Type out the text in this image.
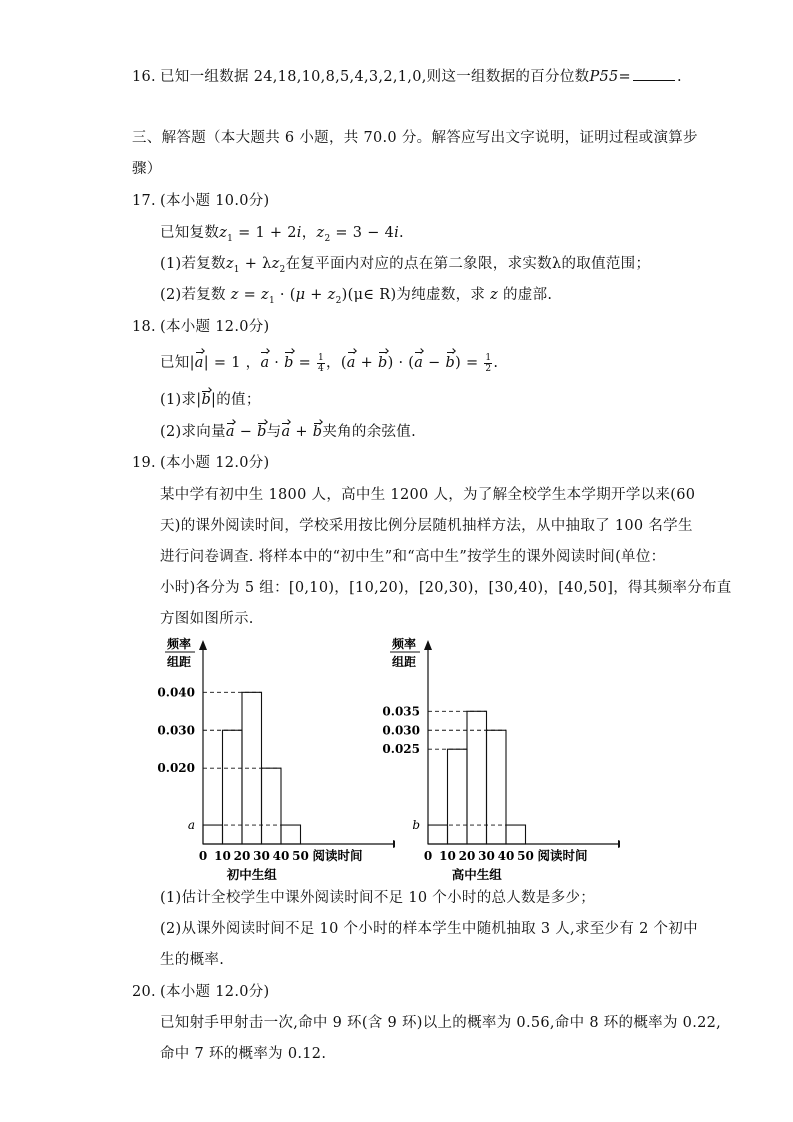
16. 已知一组数据 24,18,10,8,5,4,3,2,1,0,则这一组数据的百分位数P55=	.
三、解答题（本大题共 6 小题，共 70.0 分。解答应写出文字说明，证明过程或演算步
骤）
17. (本小题 10.0分)
已知复数$z_1 = 1 + 2i$，$z_2 = 3 - 4i$.
(1)若复数$z_1 + \lambda z_2$在复平面内对应的点在第二象限，求实数λ的取值范围；
(2)若复数 $z = z_1 \cdot (\mu$ + $z_2)(\mu\in$ R)为纯虚数，求 z 的虚部.
18. (本小题 12.0分)
已知|a| = 1 ，$a \cdot b = \frac{1}{4}$ ，$(a + b) \cdot (a - b) = \frac{1}{2}$ .
(1)求|b|的值；
(2)求向量a − b与a + b夹角的余弦值.
19. (本小题 12.0分)
某中学有初中生 1800 人，高中生 1200 人，为了解全校学生本学期开学以来(60
天)的课外阅读时间，学校采用按比例分层随机抽样方法，从中抽取了 100 名学生
进行问卷调查. 将样本中的“初中生”和“高中生”按学生的课外阅读时间(单位：
小时)各分为 5 组：[0,10)，[10,20)，[20,30)，[30,40)，[40,50]，得其频率分布直
方图如图所示.
频率
组距
a
0.020
0.030
0.040
0 10 20 30 40 50 阅读时间
初中生组
频率
组距
b
0.025
0.030
0.035
0 10 20 30 40 50 阅读时间
高中生组
(1)估计全校学生中课外阅读时间不足 10 个小时的总人数是多少；
(2)从课外阅读时间不足 10 个小时的样本学生中随机抽取 3 人,求至少有 2 个初中
生的概率.
20. (本小题 12.0分)
已知射手甲射击一次,命中 9 环(含 9 环)以上的概率为 0.56,命中 8 环的概率为 0.22,
命中 7 环的概率为 0.12.
